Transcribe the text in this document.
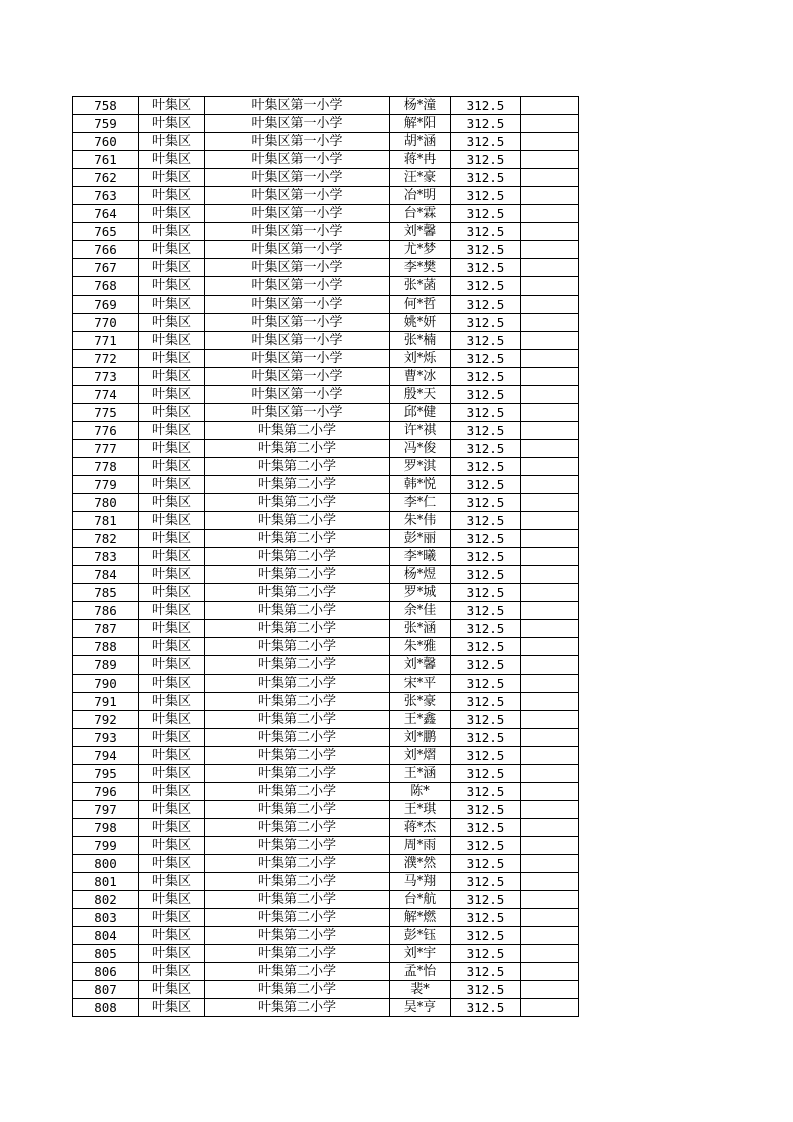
758	叶集区	叶集区第一小学	杨*潼	312.5	
759	叶集区	叶集区第一小学	解*阳	312.5	
760	叶集区	叶集区第一小学	胡*涵	312.5	
761	叶集区	叶集区第一小学	蒋*冉	312.5	
762	叶集区	叶集区第一小学	汪*豪	312.5	
763	叶集区	叶集区第一小学	冶*明	312.5	
764	叶集区	叶集区第一小学	台*霖	312.5	
765	叶集区	叶集区第一小学	刘*馨	312.5	
766	叶集区	叶集区第一小学	尤*梦	312.5	
767	叶集区	叶集区第一小学	李*樊	312.5	
768	叶集区	叶集区第一小学	张*菡	312.5	
769	叶集区	叶集区第一小学	何*哲	312.5	
770	叶集区	叶集区第一小学	姚*妍	312.5	
771	叶集区	叶集区第一小学	张*楠	312.5	
772	叶集区	叶集区第一小学	刘*烁	312.5	
773	叶集区	叶集区第一小学	曹*冰	312.5	
774	叶集区	叶集区第一小学	殷*天	312.5	
775	叶集区	叶集区第一小学	邱*健	312.5	
776	叶集区	叶集第二小学	许*祺	312.5	
777	叶集区	叶集第二小学	冯*俊	312.5	
778	叶集区	叶集第二小学	罗*淇	312.5	
779	叶集区	叶集第二小学	韩*悦	312.5	
780	叶集区	叶集第二小学	李*仁	312.5	
781	叶集区	叶集第二小学	朱*伟	312.5	
782	叶集区	叶集第二小学	彭*丽	312.5	
783	叶集区	叶集第二小学	李*曦	312.5	
784	叶集区	叶集第二小学	杨*煜	312.5	
785	叶集区	叶集第二小学	罗*城	312.5	
786	叶集区	叶集第二小学	余*佳	312.5	
787	叶集区	叶集第二小学	张*涵	312.5	
788	叶集区	叶集第二小学	朱*雅	312.5	
789	叶集区	叶集第二小学	刘*馨	312.5	
790	叶集区	叶集第二小学	宋*平	312.5	
791	叶集区	叶集第二小学	张*豪	312.5	
792	叶集区	叶集第二小学	王*鑫	312.5	
793	叶集区	叶集第二小学	刘*鹏	312.5	
794	叶集区	叶集第二小学	刘*熠	312.5	
795	叶集区	叶集第二小学	王*涵	312.5	
796	叶集区	叶集第二小学	陈*	312.5	
797	叶集区	叶集第二小学	王*琪	312.5	
798	叶集区	叶集第二小学	蒋*杰	312.5	
799	叶集区	叶集第二小学	周*雨	312.5	
800	叶集区	叶集第二小学	濮*然	312.5	
801	叶集区	叶集第二小学	马*翔	312.5	
802	叶集区	叶集第二小学	台*航	312.5	
803	叶集区	叶集第二小学	解*燃	312.5	
804	叶集区	叶集第二小学	彭*钰	312.5	
805	叶集区	叶集第二小学	刘*宇	312.5	
806	叶集区	叶集第二小学	孟*怡	312.5	
807	叶集区	叶集第二小学	裴*	312.5	
808	叶集区	叶集第二小学	吴*亨	312.5	
